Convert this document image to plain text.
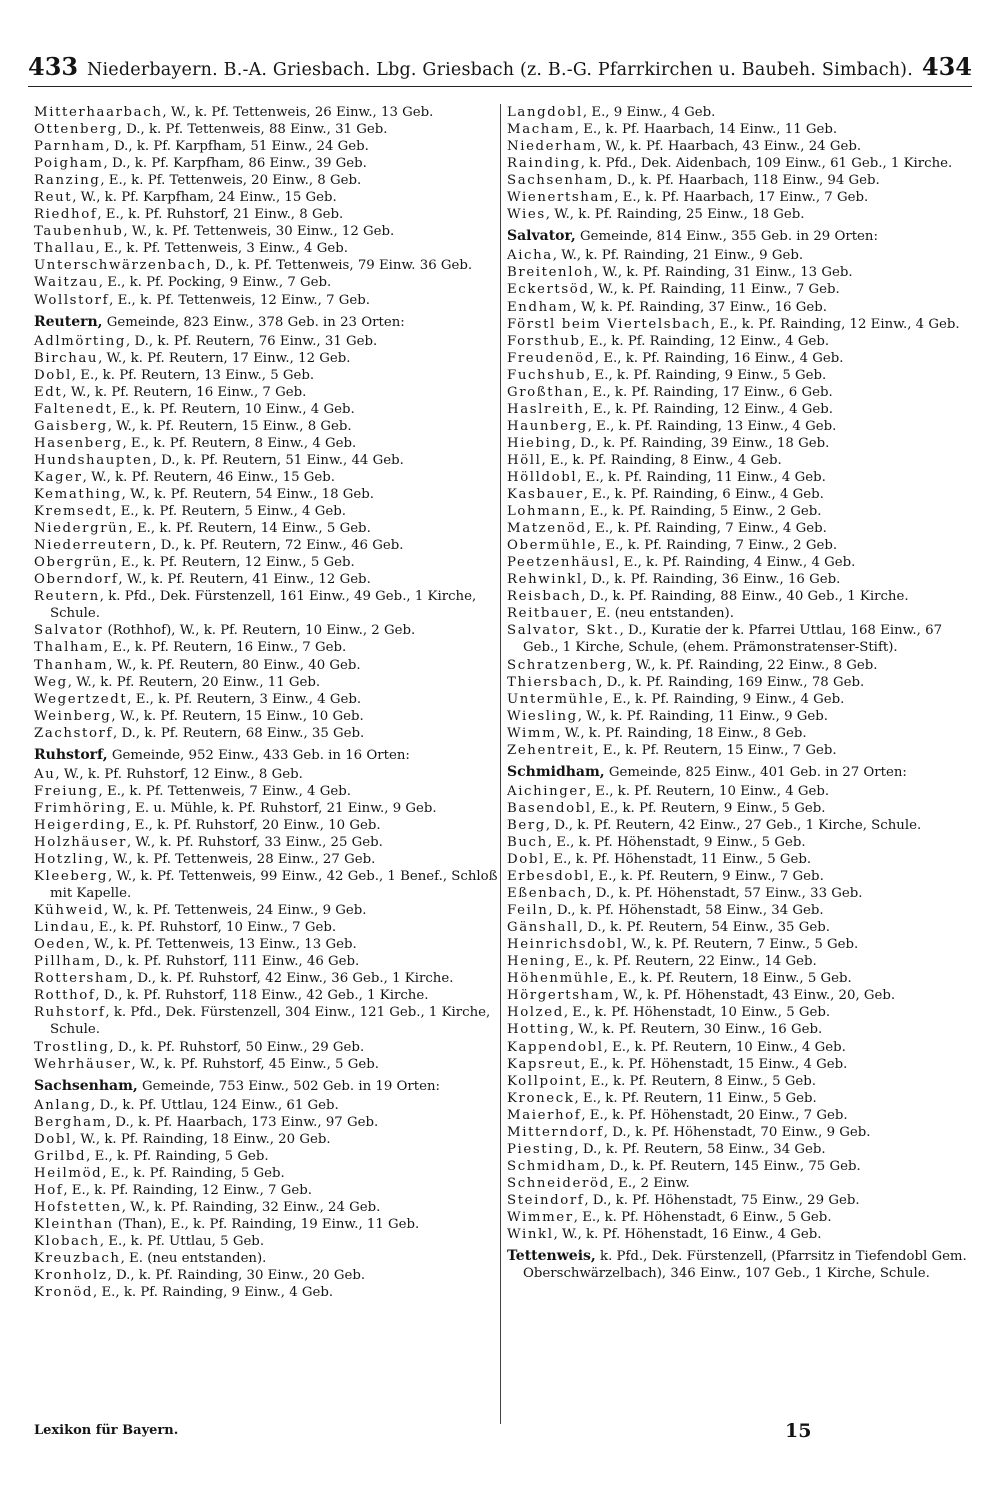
433 Niederbayern. B.-A. Griesbach. Lbg. Griesbach (z. B.-G. Pfarrkirchen u. Baubeh. Simbach). 434

Mitterhaarbach, W., k. Pf. Tettenweis, 26 Einw., 13 Geb.

Ottenberg, D., k. Pf. Tettenweis, 88 Einw., 31 Geb.

Parnham, D., k. Pf. Karpfham, 51 Einw., 24 Geb.

Poigham, D., k. Pf. Karpfham, 86 Einw., 39 Geb.

Ranzing, E., k. Pf. Tettenweis, 20 Einw., 8 Geb.

Reut, W., k. Pf. Karpfham, 24 Einw., 15 Geb.

Riedhof, E., k. Pf. Ruhstorf, 21 Einw., 8 Geb.

Taubenhub, W., k. Pf. Tettenweis, 30 Einw., 12 Geb.

Thallau, E., k. Pf. Tettenweis, 3 Einw., 4 Geb.

Unterschwärzenbach, D., k. Pf. Tettenweis, 79 Einw. 36 Geb.

Waitzau, E., k. Pf. Pocking, 9 Einw., 7 Geb.

Wollstorf, E., k. Pf. Tettenweis, 12 Einw., 7 Geb.

Reutern, Gemeinde, 823 Einw., 378 Geb. in 23 Orten:

Adlmörting, D., k. Pf. Reutern, 76 Einw., 31 Geb.

Birchau, W., k. Pf. Reutern, 17 Einw., 12 Geb.

Dobl, E., k. Pf. Reutern, 13 Einw., 5 Geb.

Edt, W., k. Pf. Reutern, 16 Einw., 7 Geb.

Faltenedt, E., k. Pf. Reutern, 10 Einw., 4 Geb.

Gaisberg, W., k. Pf. Reutern, 15 Einw., 8 Geb.

Hasenberg, E., k. Pf. Reutern, 8 Einw., 4 Geb.

Hundshaupten, D., k. Pf. Reutern, 51 Einw., 44 Geb.

Kager, W., k. Pf. Reutern, 46 Einw., 15 Geb.

Kemathing, W., k. Pf. Reutern, 54 Einw., 18 Geb.

Kremsedt, E., k. Pf. Reutern, 5 Einw., 4 Geb.

Niedergrün, E., k. Pf. Reutern, 14 Einw., 5 Geb.

Niederreutern, D., k. Pf. Reutern, 72 Einw., 46 Geb.

Obergrün, E., k. Pf. Reutern, 12 Einw., 5 Geb.

Oberndorf, W., k. Pf. Reutern, 41 Einw., 12 Geb.

Reutern, k. Pfd., Dek. Fürstenzell, 161 Einw., 49 Geb., 1 Kirche, Schule.

Salvator (Rothhof), W., k. Pf. Reutern, 10 Einw., 2 Geb.

Thalham, E., k. Pf. Reutern, 16 Einw., 7 Geb.

Thanham, W., k. Pf. Reutern, 80 Einw., 40 Geb.

Weg, W., k. Pf. Reutern, 20 Einw., 11 Geb.

Wegertzedt, E., k. Pf. Reutern, 3 Einw., 4 Geb.

Weinberg, W., k. Pf. Reutern, 15 Einw., 10 Geb.

Zachstorf, D., k. Pf. Reutern, 68 Einw., 35 Geb.

Ruhstorf, Gemeinde, 952 Einw., 433 Geb. in 16 Orten:

Au, W., k. Pf. Ruhstorf, 12 Einw., 8 Geb.

Freiung, E., k. Pf. Tettenweis, 7 Einw., 4 Geb.

Frimhöring, E. u. Mühle, k. Pf. Ruhstorf, 21 Einw., 9 Geb.

Heigerding, E., k. Pf. Ruhstorf, 20 Einw., 10 Geb.

Holzhäuser, W., k. Pf. Ruhstorf, 33 Einw., 25 Geb.

Hotzling, W., k. Pf. Tettenweis, 28 Einw., 27 Geb.

Kleeberg, W., k. Pf. Tettenweis, 99 Einw., 42 Geb., 1 Benef., Schloß mit Kapelle.

Kühweid, W., k. Pf. Tettenweis, 24 Einw., 9 Geb.

Lindau, E., k. Pf. Ruhstorf, 10 Einw., 7 Geb.

Oeden, W., k. Pf. Tettenweis, 13 Einw., 13 Geb.

Pillham, D., k. Pf. Ruhstorf, 111 Einw., 46 Geb.

Rottersham, D., k. Pf. Ruhstorf, 42 Einw., 36 Geb., 1 Kirche.

Rotthof, D., k. Pf. Ruhstorf, 118 Einw., 42 Geb., 1 Kirche.

Ruhstorf, k. Pfd., Dek. Fürstenzell, 304 Einw., 121 Geb., 1 Kirche, Schule.

Trostling, D., k. Pf. Ruhstorf, 50 Einw., 29 Geb.

Wehrhäuser, W., k. Pf. Ruhstorf, 45 Einw., 5 Geb.

Sachsenham, Gemeinde, 753 Einw., 502 Geb. in 19 Orten:

Anlang, D., k. Pf. Uttlau, 124 Einw., 61 Geb.

Bergham, D., k. Pf. Haarbach, 173 Einw., 97 Geb.

Dobl, W., k. Pf. Rainding, 18 Einw., 20 Geb.

Grilbd, E., k. Pf. Rainding, 5 Geb.

Heilmöd, E., k. Pf. Rainding, 5 Geb.

Hof, E., k. Pf. Rainding, 12 Einw., 7 Geb.

Hofstetten, W., k. Pf. Rainding, 32 Einw., 24 Geb.

Kleinthan (Than), E., k. Pf. Rainding, 19 Einw., 11 Geb.

Klobach, E., k. Pf. Uttlau, 5 Geb.

Kreuzbach, E. (neu entstanden).

Kronholz, D., k. Pf. Rainding, 30 Einw., 20 Geb.

Kronöd, E., k. Pf. Rainding, 9 Einw., 4 Geb.

Langdobl, E., 9 Einw., 4 Geb.

Macham, E., k. Pf. Haarbach, 14 Einw., 11 Geb.

Niederham, W., k. Pf. Haarbach, 43 Einw., 24 Geb.

Rainding, k. Pfd., Dek. Aidenbach, 109 Einw., 61 Geb., 1 Kirche.

Sachsenham, D., k. Pf. Haarbach, 118 Einw., 94 Geb.

Wienertsham, E., k. Pf. Haarbach, 17 Einw., 7 Geb.

Wies, W., k. Pf. Rainding, 25 Einw., 18 Geb.

Salvator, Gemeinde, 814 Einw., 355 Geb. in 29 Orten:

Aicha, W., k. Pf. Rainding, 21 Einw., 9 Geb.

Breitenloh, W., k. Pf. Rainding, 31 Einw., 13 Geb.

Eckertsöd, W., k. Pf. Rainding, 11 Einw., 7 Geb.

Endham, W, k. Pf. Rainding, 37 Einw., 16 Geb.

Förstl beim Viertelsbach, E., k. Pf. Rainding, 12 Einw., 4 Geb.

Forsthub, E., k. Pf. Rainding, 12 Einw., 4 Geb.

Freudenöd, E., k. Pf. Rainding, 16 Einw., 4 Geb.

Fuchshub, E., k. Pf. Rainding, 9 Einw., 5 Geb.

Großthan, E., k. Pf. Rainding, 17 Einw., 6 Geb.

Haslreith, E., k. Pf. Rainding, 12 Einw., 4 Geb.

Haunberg, E., k. Pf. Rainding, 13 Einw., 4 Geb.

Hiebing, D., k. Pf. Rainding, 39 Einw., 18 Geb.

Höll, E., k. Pf. Rainding, 8 Einw., 4 Geb.

Hölldobl, E., k. Pf. Rainding, 11 Einw., 4 Geb.

Kasbauer, E., k. Pf. Rainding, 6 Einw., 4 Geb.

Lohmann, E., k. Pf. Rainding, 5 Einw., 2 Geb.

Matzenöd, E., k. Pf. Rainding, 7 Einw., 4 Geb.

Obermühle, E., k. Pf. Rainding, 7 Einw., 2 Geb.

Peetzenhäusl, E., k. Pf. Rainding, 4 Einw., 4 Geb.

Rehwinkl, D., k. Pf. Rainding, 36 Einw., 16 Geb.

Reisbach, D., k. Pf. Rainding, 88 Einw., 40 Geb., 1 Kirche.

Reitbauer, E. (neu entstanden).

Salvator, Skt., D., Kuratie der k. Pfarrei Uttlau, 168 Einw., 67 Geb., 1 Kirche, Schule, (ehem. Prämonstratenser-Stift).

Schratzenberg, W., k. Pf. Rainding, 22 Einw., 8 Geb.

Thiersbach, D., k. Pf. Rainding, 169 Einw., 78 Geb.

Untermühle, E., k. Pf. Rainding, 9 Einw., 4 Geb.

Wiesling, W., k. Pf. Rainding, 11 Einw., 9 Geb.

Wimm, W., k. Pf. Rainding, 18 Einw., 8 Geb.

Zehentreit, E., k. Pf. Reutern, 15 Einw., 7 Geb.

Schmidham, Gemeinde, 825 Einw., 401 Geb. in 27 Orten:

Aichinger, E., k. Pf. Reutern, 10 Einw., 4 Geb.

Basendobl, E., k. Pf. Reutern, 9 Einw., 5 Geb.

Berg, D., k. Pf. Reutern, 42 Einw., 27 Geb., 1 Kirche, Schule.

Buch, E., k. Pf. Höhenstadt, 9 Einw., 5 Geb.

Dobl, E., k. Pf. Höhenstadt, 11 Einw., 5 Geb.

Erbesdobl, E., k. Pf. Reutern, 9 Einw., 7 Geb.

Eßenbach, D., k. Pf. Höhenstadt, 57 Einw., 33 Geb.

Feiln, D., k. Pf. Höhenstadt, 58 Einw., 34 Geb.

Gänshall, D., k. Pf. Reutern, 54 Einw., 35 Geb.

Heinrichsdobl, W., k. Pf. Reutern, 7 Einw., 5 Geb.

Hening, E., k. Pf. Reutern, 22 Einw., 14 Geb.

Höhenmühle, E., k. Pf. Reutern, 18 Einw., 5 Geb.

Hörgertsham, W., k. Pf. Höhenstadt, 43 Einw., 20, Geb.

Holzed, E., k. Pf. Höhenstadt, 10 Einw., 5 Geb.

Hotting, W., k. Pf. Reutern, 30 Einw., 16 Geb.

Kappendobl, E., k. Pf. Reutern, 10 Einw., 4 Geb.

Kapsreut, E., k. Pf. Höhenstadt, 15 Einw., 4 Geb.

Kollpoint, E., k. Pf. Reutern, 8 Einw., 5 Geb.

Kroneck, E., k. Pf. Reutern, 11 Einw., 5 Geb.

Maierhof, E., k. Pf. Höhenstadt, 20 Einw., 7 Geb.

Mitterndorf, D., k. Pf. Höhenstadt, 70 Einw., 9 Geb.

Piesting, D., k. Pf. Reutern, 58 Einw., 34 Geb.

Schmidham, D., k. Pf. Reutern, 145 Einw., 75 Geb.

Schneideröd, E., 2 Einw.

Steindorf, D., k. Pf. Höhenstadt, 75 Einw., 29 Geb.

Wimmer, E., k. Pf. Höhenstadt, 6 Einw., 5 Geb.

Winkl, W., k. Pf. Höhenstadt, 16 Einw., 4 Geb.

Tettenweis, k. Pfd., Dek. Fürstenzell, (Pfarrsitz in Tiefendobl Gem. Oberschwärzelbach), 346 Einw., 107 Geb., 1 Kirche, Schule.

Lexikon für Bayern.	15
